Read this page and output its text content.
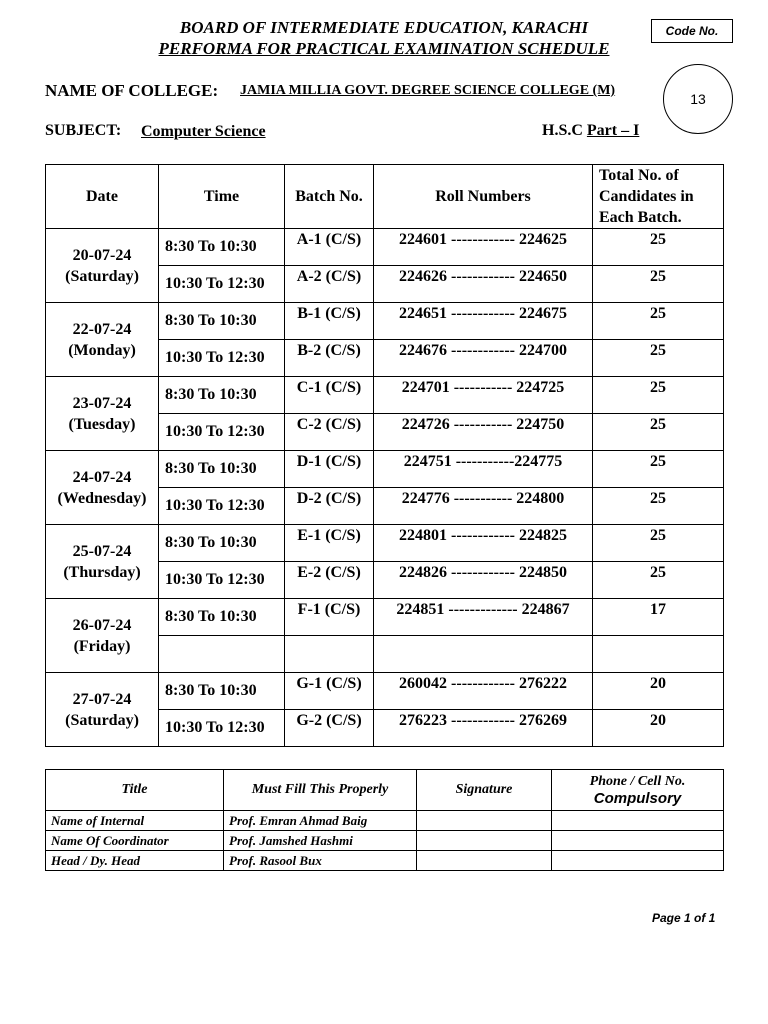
BOARD OF INTERMEDIATE EDUCATION, KARACHI
PERFORMA FOR PRACTICAL EXAMINATION SCHEDULE
Code No.
13
NAME OF COLLEGE: JAMIA MILLIA GOVT. DEGREE SCIENCE COLLEGE (M)
SUBJECT: Computer Science	H.S.C Part – I
Date	Time	Batch No.	Roll Numbers	Total No. of Candidates in Each Batch.

20-07-24
(Saturday)	8:30 To 10:30	A-1 (C/S)	224601 ------------ 224625	25
	10:30 To 12:30	A-2 (C/S)	224626 ------------ 224650	25

22-07-24
(Monday)	8:30 To 10:30	B-1 (C/S)	224651 ------------ 224675	25
	10:30 To 12:30	B-2 (C/S)	224676 ------------ 224700	25

23-07-24
(Tuesday)	8:30 To 10:30	C-1 (C/S)	224701 ----------- 224725	25
	10:30 To 12:30	C-2 (C/S)	224726 ----------- 224750	25

24-07-24
(Wednesday)	8:30 To 10:30	D-1 (C/S)	224751 -----------224775	25
	10:30 To 12:30	D-2 (C/S)	224776 ----------- 224800	25

25-07-24
(Thursday)	8:30 To 10:30	E-1 (C/S)	224801 ------------ 224825	25
	10:30 To 12:30	E-2 (C/S)	224826 ------------ 224850	25

26-07-24
(Friday)	8:30 To 10:30	F-1 (C/S)	224851 ------------- 224867	17

27-07-24
(Saturday)	8:30 To 10:30	G-1 (C/S)	260042 ------------ 276222	20
	10:30 To 12:30	G-2 (C/S)	276223 ------------ 276269	20
Title	Must Fill This Properly	Signature	Phone / Cell No.
Compulsory

Name of Internal	Prof. Emran Ahmad Baig		
Name Of Coordinator	Prof. Jamshed Hashmi		
Head / Dy. Head	Prof. Rasool Bux		
Page 1 of 1
